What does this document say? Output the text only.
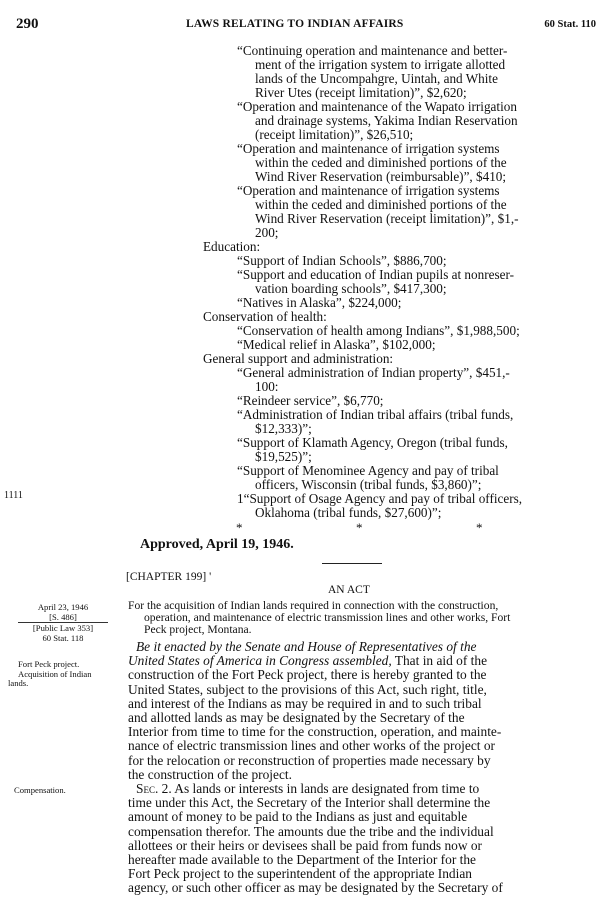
290	LAWS RELATING TO INDIAN AFFAIRS	60 Stat. 110
“Continuing operation and maintenance and better-
ment of the irrigation system to irrigate allotted
lands of the Uncompahgre, Uintah, and White
River Utes (receipt limitation)”, $2,620;
“Operation and maintenance of the Wapato irrigation
and drainage systems, Yakima Indian Reservation
(receipt limitation)”, $26,510;
“Operation and maintenance of irrigation systems
within the ceded and diminished portions of the
Wind River Reservation (reimbursable)”, $410;
“Operation and maintenance of irrigation systems
within the ceded and diminished portions of the
Wind River Reservation (receipt limitation)”, $1,-
200;
Education:
“Support of Indian Schools”, $886,700;
“Support and education of Indian pupils at nonreser-
vation boarding schools”, $417,300;
“Natives in Alaska”, $224,000;
Conservation of health:
“Conservation of health among Indians”, $1,988,500;
“Medical relief in Alaska”, $102,000;
General support and administration:
“General administration of Indian property”, $451,-
100:
“Reindeer service”, $6,770;
“Administration of Indian tribal affairs (tribal funds,
$12,333)”;
“Support of Klamath Agency, Oregon (tribal funds,
$19,525)”;
“Support of Menominee Agency and pay of tribal
officers, Wisconsin (tribal funds, $3,860)”;
1“Support of Osage Agency and pay of tribal officers,
Oklahoma (tribal funds, $27,600)”;
1111
*	*	*
Approved, April 19, 1946.
[CHAPTER 199] '
AN ACT
April 23, 1946
[S. 486]
[Public Law 353]
60 Stat. 118
For the acquisition of Indian lands required in connection with the construction,
operation, and maintenance of electric transmission lines and other works, Fort
Peck project, Montana.
Fort Peck project.
Acquisition of Indian
lands.
Compensation.
Be it enacted by the Senate and House of Representatives of the
United States of America in Congress assembled, That in aid of the
construction of the Fort Peck project, there is hereby granted to the
United States, subject to the provisions of this Act, such right, title,
and interest of the Indians as may be required in and to such tribal
and allotted lands as may be designated by the Secretary of the
Interior from time to time for the construction, operation, and mainte-
nance of electric transmission lines and other works of the project or
for the relocation or reconstruction of properties made necessary by
the construction of the project.
Sec. 2. As lands or interests in lands are designated from time to
time under this Act, the Secretary of the Interior shall determine the
amount of money to be paid to the Indians as just and equitable
compensation therefor. The amounts due the tribe and the individual
allottees or their heirs or devisees shall be paid from funds now or
hereafter made available to the Department of the Interior for the
Fort Peck project to the superintendent of the appropriate Indian
agency, or such other officer as may be designated by the Secretary of
